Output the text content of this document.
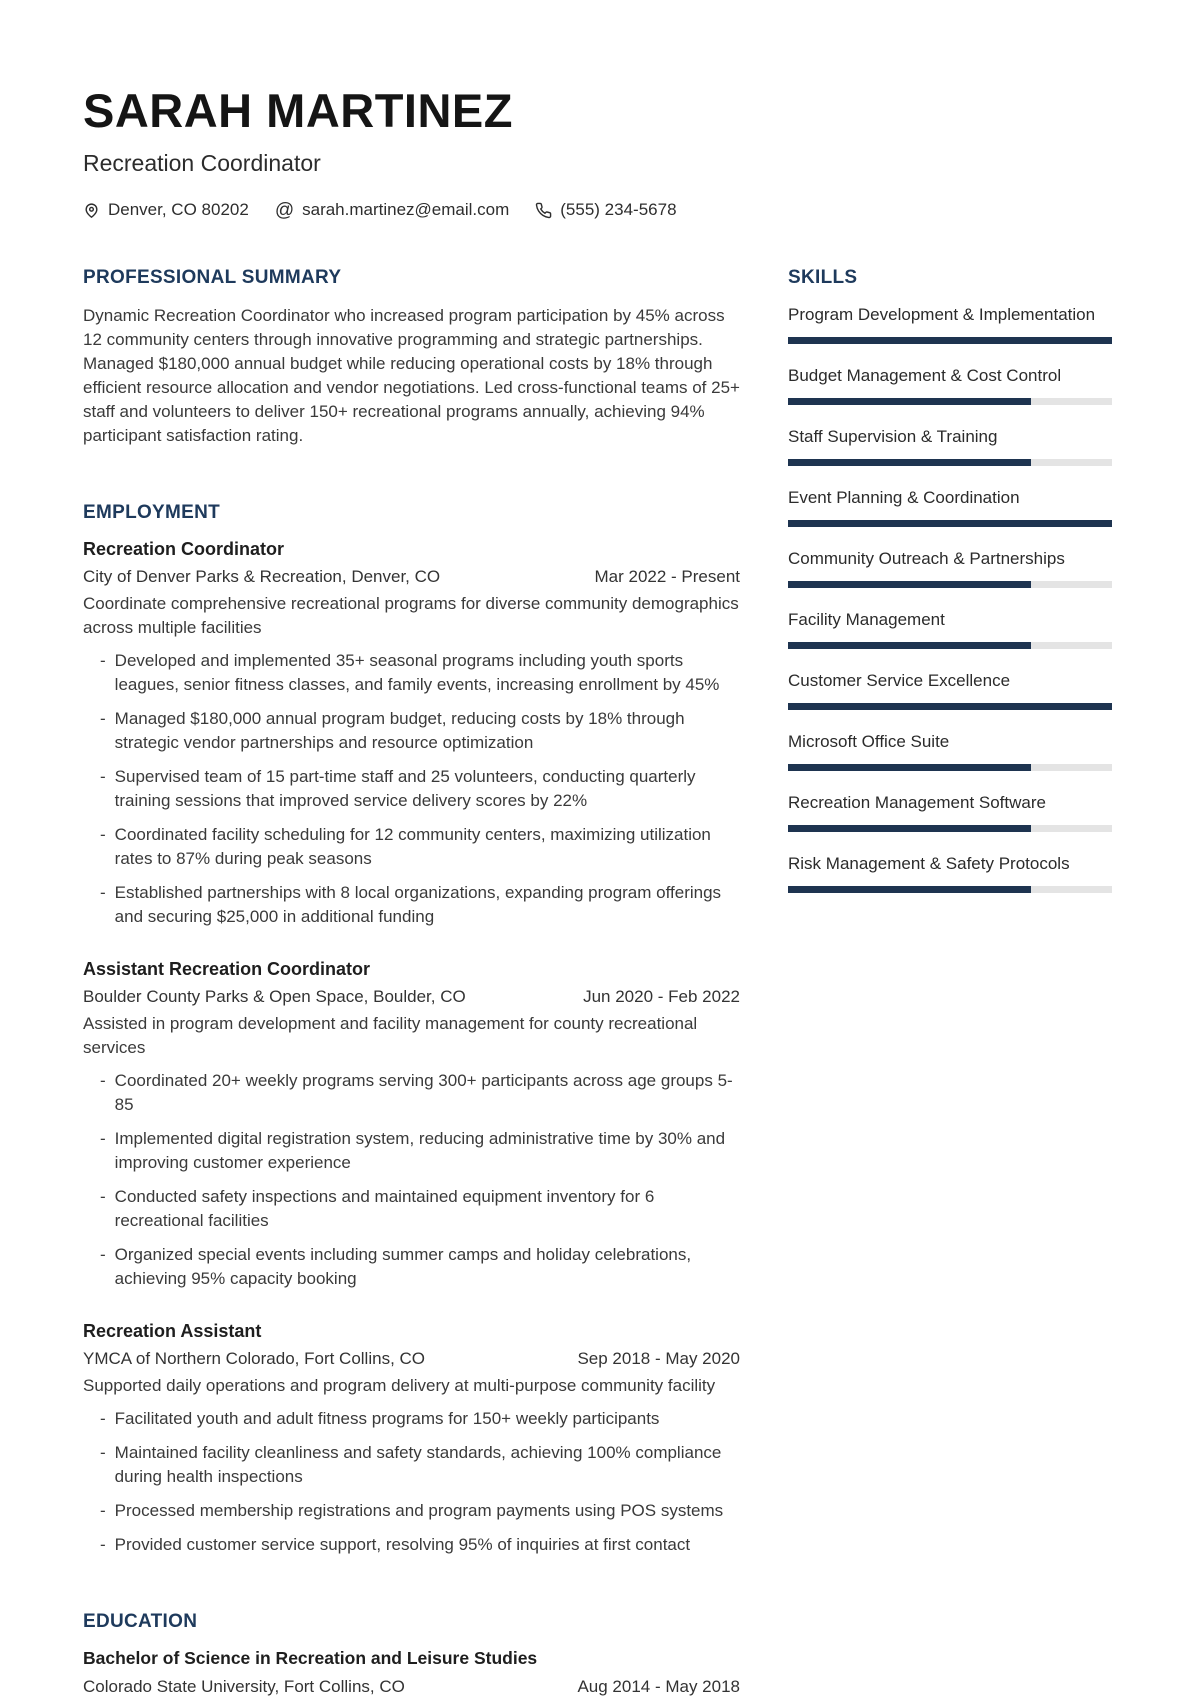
SARAH MARTINEZ
Recreation Coordinator
Denver, CO 80202 @ sarah.martinez@email.com	(555) 234-5678
PROFESSIONAL SUMMARY

Dynamic Recreation Coordinator who increased program participation by 45% across 12 community centers through innovative programming and strategic partnerships. Managed $180,000 annual budget while reducing operational costs by 18% through efficient resource allocation and vendor negotiations. Led cross-functional teams of 25+ staff and volunteers to deliver 150+ recreational programs annually, achieving 94% participant satisfaction rating.

EMPLOYMENT
Recreation Coordinator
City of Denver Parks & Recreation, Denver, CO	Mar 2022 - Present

Coordinate comprehensive recreational programs for diverse community demographics across multiple facilities

- Developed and implemented 35+ seasonal programs including youth sports leagues, senior fitness classes, and family events, increasing enrollment by 45%
- Managed $180,000 annual program budget, reducing costs by 18% through strategic vendor partnerships and resource optimization
- Supervised team of 15 part-time staff and 25 volunteers, conducting quarterly training sessions that improved service delivery scores by 22%
- Coordinated facility scheduling for 12 community centers, maximizing utilization rates to 87% during peak seasons
- Established partnerships with 8 local organizations, expanding program offerings and securing $25,000 in additional funding
Assistant Recreation Coordinator
Boulder County Parks & Open Space, Boulder, CO	Jun 2020 - Feb 2022

Assisted in program development and facility management for county recreational services

- Coordinated 20+ weekly programs serving 300+ participants across age groups 5-85
- Implemented digital registration system, reducing administrative time by 30% and improving customer experience
- Conducted safety inspections and maintained equipment inventory for 6 recreational facilities
- Organized special events including summer camps and holiday celebrations, achieving 95% capacity booking
Recreation Assistant
YMCA of Northern Colorado, Fort Collins, CO	Sep 2018 - May 2020

Supported daily operations and program delivery at multi-purpose community facility

- Facilitated youth and adult fitness programs for 150+ weekly participants
- Maintained facility cleanliness and safety standards, achieving 100% compliance during health inspections
- Processed membership registrations and program payments using POS systems
- Provided customer service support, resolving 95% of inquiries at first contact
EDUCATION
Bachelor of Science in Recreation and Leisure Studies
Colorado State University, Fort Collins, CO	Aug 2014 - May 2018
SKILLS
Program Development & Implementation
Budget Management & Cost Control
Staff Supervision & Training
Event Planning & Coordination
Community Outreach & Partnerships
Facility Management
Customer Service Excellence
Microsoft Office Suite
Recreation Management Software
Risk Management & Safety Protocols
